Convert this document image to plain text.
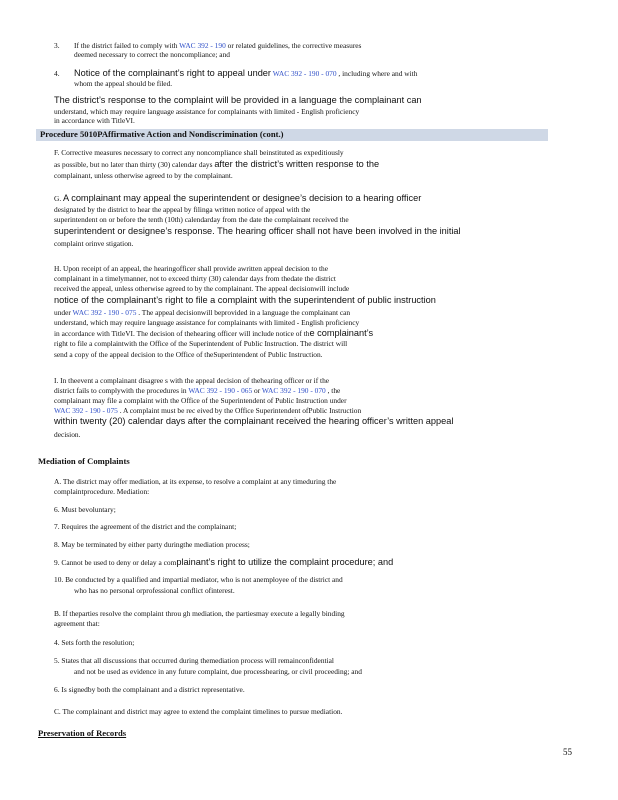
3. If the district failed to comply with WAC 392 - 190 or related guidelines, the corrective measures
deemed necessary to correct the noncompliance; and
4. Notice of the complainant’s right to appeal under WAC 392 - 190 - 070 , including where and with
whom the appeal should be filed.
The district’s response to the complaint will be provided in a language the complainant can
understand, which may require language assistance for complainants with limited - English proficiency
in accordance with TitleVI.
Procedure 5010PAffirmative Action and Nondiscrimination (cont.)
F. Corrective measures necessary to correct any noncompliance shall beinstituted as expeditiously
as possible, but no later than thirty (30) calendar days after the district’s written response to the
complainant, unless otherwise agreed to by the complainant.
G. A complainant may appeal the superintendent or designee’s decision to a hearing officer
designated by the district to hear the appeal by filinga written notice of appeal with the
superintendent on or before the tenth (10th) calendarday from the date the complainant received the
superintendent or designee’s response. The hearing officer shall not have been involved in the initial
complaint orinve stigation.
H. Upon receipt of an appeal, the hearingofficer shall provide awritten appeal decision to the
complainant in a timelymanner, not to exceed thirty (30) calendar days from thedate the district
received the appeal, unless otherwise agreed to by the complainant. The appeal decisionwill include
notice of the complainant’s right to file a complaint with the superintendent of public instruction
under WAC 392 - 190 - 075 . The appeal decisionwill beprovided in a language the complainant can
understand, which may require language assistance for complainants with limited - English proficiency
in accordance with TitleVI. The decision of thehearing officer will include notice of the complainant’s
right to file a complaintwith the Office of the Superintendent of Public Instruction. The district will
send a copy of the appeal decision to the Office of theSuperintendent of Public Instruction.
I. In theevent a complainant disagree s with the appeal decision of thehearing officer or if the
district fails to complywith the procedures in WAC 392 - 190 - 065 or WAC 392 - 190 - 070 , the
complainant may file a complaint with the Office of the Superintendent of Public Instruction under
WAC 392 - 190 - 075 . A complaint must be rec eived by the Office Superintendent ofPublic Instruction
within twenty (20) calendar days after the complainant received the hearing officer’s written appeal
decision.
Mediation of Complaints
A. The district may offer mediation, at its expense, to resolve a complaint at any timeduring the
complaintprocedure. Mediation:
6. Must bevoluntary;
7. Requires the agreement of the district and the complainant;
8. May be terminated by either party duringthe mediation process;
9. Cannot be used to deny or delay a complainant’s right to utilize the complaint procedure; and
10. Be conducted by a qualified and impartial mediator, who is not anemployee of the district and
who has no personal orprofessional conflict ofinterest.
B. If theparties resolve the complaint throu gh mediation, the partiesmay execute a legally binding
agreement that:
4. Sets forth the resolution;
5. States that all discussions that occurred during themediation process will remainconfidential
and not be used as evidence in any future complaint, due processhearing, or civil proceeding; and
6. Is signedby both the complainant and a district representative.
C. The complainant and district may agree to extend the complaint timelines to pursue mediation.
Preservation of Records
55
